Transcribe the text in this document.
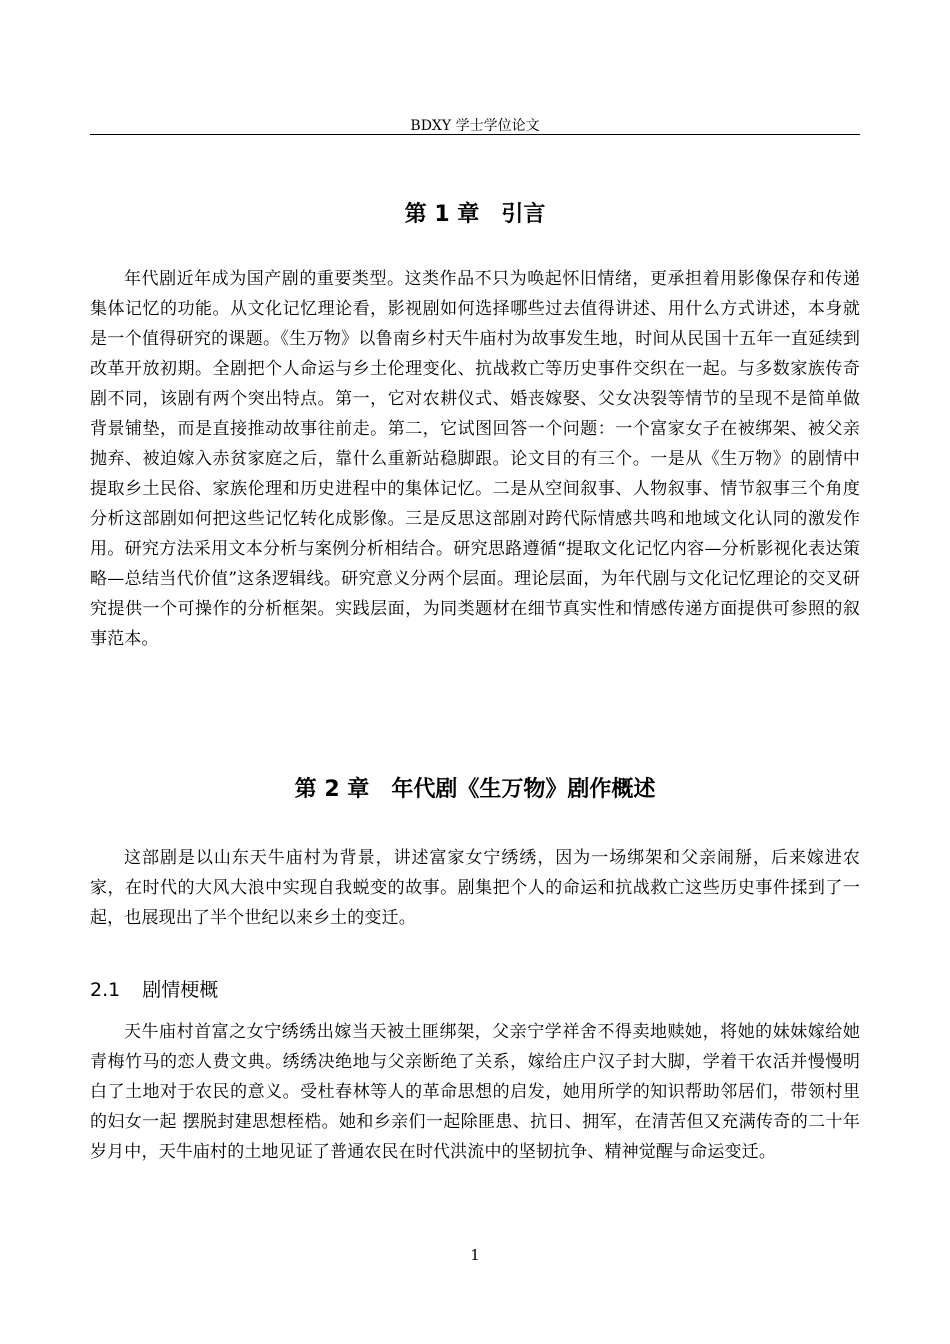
BDXY 学士学位论文
第 1 章 引言

年代剧近年成为国产剧的重要类型。这类作品不只为唤起怀旧情绪，更承担着用影像保存和传递集体记忆的功能。从文化记忆理论看，影视剧如何选择哪些过去值得讲述、用什么方式讲述，本身就是一个值得研究的课题。《生万物》以鲁南乡村天牛庙村为故事发生地，时间从民国十五年一直延续到改革开放初期。全剧把个人命运与乡土伦理变化、抗战救亡等历史事件交织在一起。与多数家族传奇剧不同，该剧有两个突出特点。第一，它对农耕仪式、婚丧嫁娶、父女决裂等情节的呈现不是简单做背景铺垫，而是直接推动故事往前走。第二，它试图回答一个问题：一个富家女子在被绑架、被父亲抛弃、被迫嫁入赤贫家庭之后，靠什么重新站稳脚跟。论文目的有三个。一是从《生万物》的剧情中提取乡土民俗、家族伦理和历史进程中的集体记忆。二是从空间叙事、人物叙事、情节叙事三个角度分析这部剧如何把这些记忆转化成影像。三是反思这部剧对跨代际情感共鸣和地域文化认同的激发作用。研究方法采用文本分析与案例分析相结合。研究思路遵循“提取文化记忆内容—分析影视化表达策略—总结当代价值”这条逻辑线。研究意义分两个层面。理论层面，为年代剧与文化记忆理论的交叉研究提供一个可操作的分析框架。实践层面，为同类题材在细节真实性和情感传递方面提供可参照的叙事范本。

第 2 章 年代剧《生万物》剧作概述

这部剧是以山东天牛庙村为背景，讲述富家女宁绣绣，因为一场绑架和父亲闹掰，后来嫁进农家，在时代的大风大浪中实现自我蜕变的故事。剧集把个人的命运和抗战救亡这些历史事件揉到了一起，也展现出了半个世纪以来乡土的变迁。

2.1 剧情梗概

天牛庙村首富之女宁绣绣出嫁当天被土匪绑架，父亲宁学祥舍不得卖地赎她，将她的妹妹嫁给她青梅竹马的恋人费文典。绣绣决绝地与父亲断绝了关系，嫁给庄户汉子封大脚，学着干农活并慢慢明白了土地对于农民的意义。受杜春林等人的革命思想的启发，她用所学的知识帮助邻居们，带领村里的妇女一起 摆脱封建思想桎梏。她和乡亲们一起除匪患、抗日、拥军，在清苦但又充满传奇的二十年岁月中，天牛庙村的土地见证了普通农民在时代洪流中的坚韧抗争、精神觉醒与命运变迁。

1
